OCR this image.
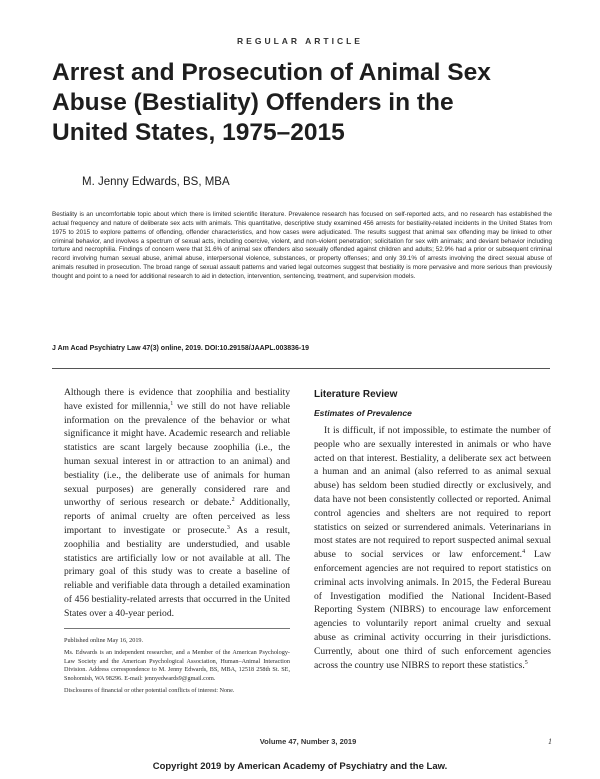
REGULAR ARTICLE
Arrest and Prosecution of Animal Sex Abuse (Bestiality) Offenders in the United States, 1975–2015
M. Jenny Edwards, BS, MBA

Bestiality is an uncomfortable topic about which there is limited scientific literature. Prevalence research has focused on self-reported acts, and no research has established the actual frequency and nature of deliberate sex acts with animals. This quantitative, descriptive study examined 456 arrests for bestiality-related incidents in the United States from 1975 to 2015 to explore patterns of offending, offender characteristics, and how cases were adjudicated. The results suggest that animal sex offending may be linked to other criminal behavior, and involves a spectrum of sexual acts, including coercive, violent, and non-violent penetration; solicitation for sex with animals; and deviant behavior including torture and necrophilia. Findings of concern were that 31.6% of animal sex offenders also sexually offended against children and adults; 52.9% had a prior or subsequent criminal record involving human sexual abuse, animal abuse, interpersonal violence, substances, or property offenses; and only 39.1% of arrests involving the direct sexual abuse of animals resulted in prosecution. The broad range of sexual assault patterns and varied legal outcomes suggest that bestiality is more pervasive and more serious than previously thought and point to a need for additional research to aid in detection, intervention, sentencing, treatment, and supervision models.

J Am Acad Psychiatry Law 47(3) online, 2019. DOI:10.29158/JAAPL.003836-19

Although there is evidence that zoophilia and bestiality have existed for millennia,$^1$ we still do not have reliable information on the prevalence of the behavior or what significance it might have. Academic research and reliable statistics are scant largely because zoophilia (i.e., the human sexual interest in or attraction to an animal) and bestiality (i.e., the deliberate use of animals for human sexual purposes) are generally considered rare and unworthy of serious research or debate.$^2$ Additionally, reports of animal cruelty are often perceived as less important to investigate or prosecute.$^3$ As a result, zoophilia and bestiality are understudied, and usable statistics are artificially low or not available at all. The primary goal of this study was to create a baseline of reliable and verifiable data through a detailed examination of 456 bestiality-related arrests that occurred in the United States over a 40-year period.

Published online May 16, 2019.

Ms. Edwards is an independent researcher, and a Member of the American Psychology-Law Society and the American Psychological Association, Human–Animal Interaction Division. Address correspondence to M. Jenny Edwards, BS, MBA, 12518 258th St. SE, Snohomish, WA 98296. E-mail: jennyedwards9@gmail.com.

Disclosures of financial or other potential conflicts of interest: None.

Literature Review
Estimates of Prevalence

It is difficult, if not impossible, to estimate the number of people who are sexually interested in animals or who have acted on that interest. Bestiality, a deliberate sex act between a human and an animal (also referred to as animal sexual abuse) has seldom been studied directly or exclusively, and data have not been consistently collected or reported. Animal control agencies and shelters are not required to report statistics on seized or surrendered animals. Veterinarians in most states are not required to report suspected animal sexual abuse to social services or law enforcement.$^4$ Law enforcement agencies are not required to report statistics on criminal acts involving animals. In 2015, the Federal Bureau of Investigation modified the National Incident-Based Reporting System (NIBRS) to encourage law enforcement agencies to voluntarily report animal cruelty and sexual abuse as criminal activity occurring in their jurisdictions. Currently, about one third of such enforcement agencies across the country use NIBRS to report these statistics.$^5$

Volume 47, Number 3, 2019	1
Copyright 2019 by American Academy of Psychiatry and the Law.
